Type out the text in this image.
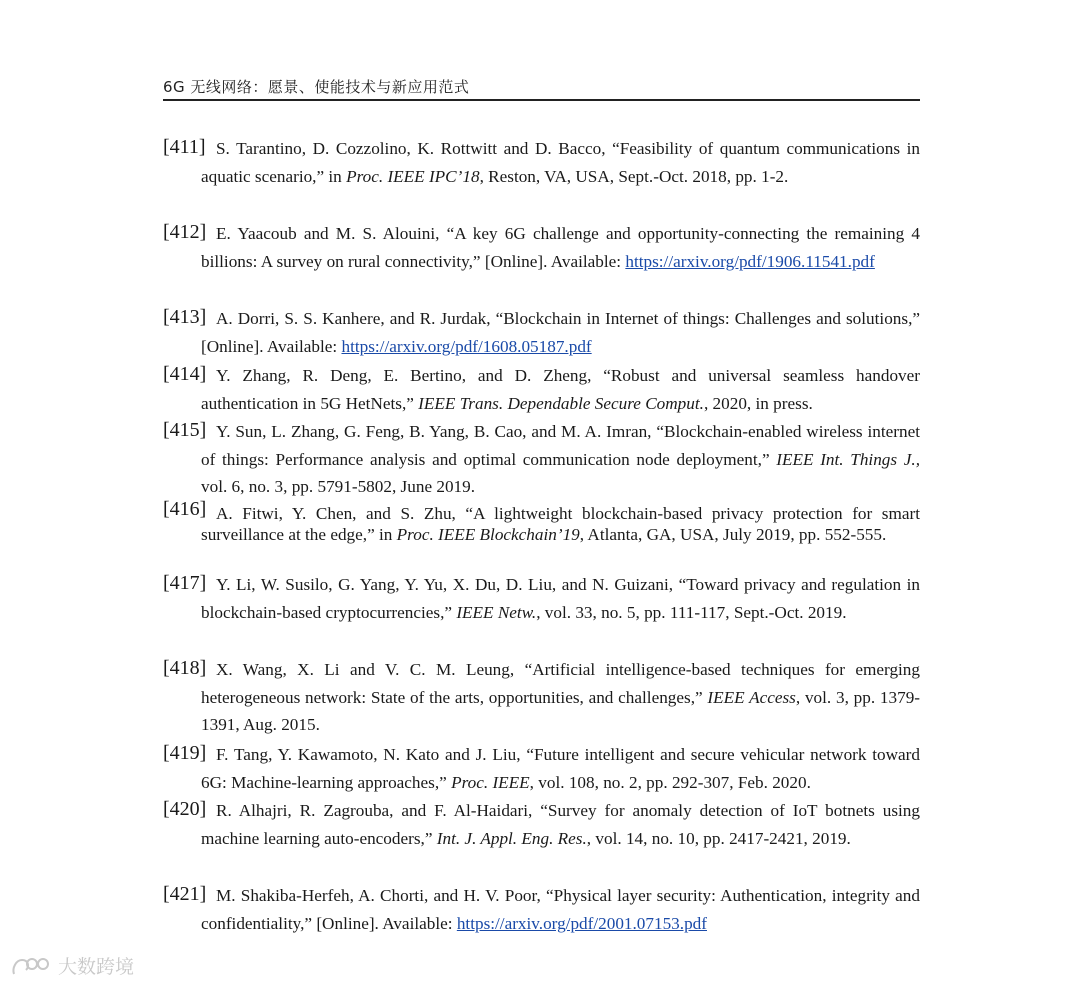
6G 无线网络：愿景、使能技术与新应用范式
[411] S. Tarantino, D. Cozzolino, K. Rottwitt and D. Bacco, “Feasibility of quantum communications in aquatic scenario,” in Proc. IEEE IPC’18, Reston, VA, USA, Sept.-Oct. 2018, pp. 1-2.
[412] E. Yaacoub and M. S. Alouini, “A key 6G challenge and opportunity-connecting the remaining 4 billions: A survey on rural connectivity,” [Online]. Available: https://arxiv.org/pdf/1906.11541.pdf
[413] A. Dorri, S. S. Kanhere, and R. Jurdak, “Blockchain in Internet of things: Challenges and solutions,” [Online]. Available: https://arxiv.org/pdf/1608.05187.pdf
[414] Y. Zhang, R. Deng, E. Bertino, and D. Zheng, “Robust and universal seamless handover authentication in 5G HetNets,” IEEE Trans. Dependable Secure Comput., 2020, in press.
[415] Y. Sun, L. Zhang, G. Feng, B. Yang, B. Cao, and M. A. Imran, “Blockchain-enabled wireless internet of things: Performance analysis and optimal communication node deployment,” IEEE Int. Things J., vol. 6, no. 3, pp. 5791-5802, June 2019.
[416] A. Fitwi, Y. Chen, and S. Zhu, “A lightweight blockchain-based privacy protection for smart surveillance at the edge,” in Proc. IEEE Blockchain’19, Atlanta, GA, USA, July 2019, pp. 552-555.
[417] Y. Li, W. Susilo, G. Yang, Y. Yu, X. Du, D. Liu, and N. Guizani, “Toward privacy and regulation in blockchain-based cryptocurrencies,” IEEE Netw., vol. 33, no. 5, pp. 111-117, Sept.-Oct. 2019.
[418] X. Wang, X. Li and V. C. M. Leung, “Artificial intelligence-based techniques for emerging heterogeneous network: State of the arts, opportunities, and challenges,” IEEE Access, vol. 3, pp. 1379-1391, Aug. 2015.
[419] F. Tang, Y. Kawamoto, N. Kato and J. Liu, “Future intelligent and secure vehicular network toward 6G: Machine-learning approaches,” Proc. IEEE, vol. 108, no. 2, pp. 292-307, Feb. 2020.
[420] R. Alhajri, R. Zagrouba, and F. Al-Haidari, “Survey for anomaly detection of IoT botnets using machine learning auto-encoders,” Int. J. Appl. Eng. Res., vol. 14, no. 10, pp. 2417-2421, 2019.
[421] M. Shakiba-Herfeh, A. Chorti, and H. V. Poor, “Physical layer security: Authentication, integrity and confidentiality,” [Online]. Available: https://arxiv.org/pdf/2001.07153.pdf
大数跨境
